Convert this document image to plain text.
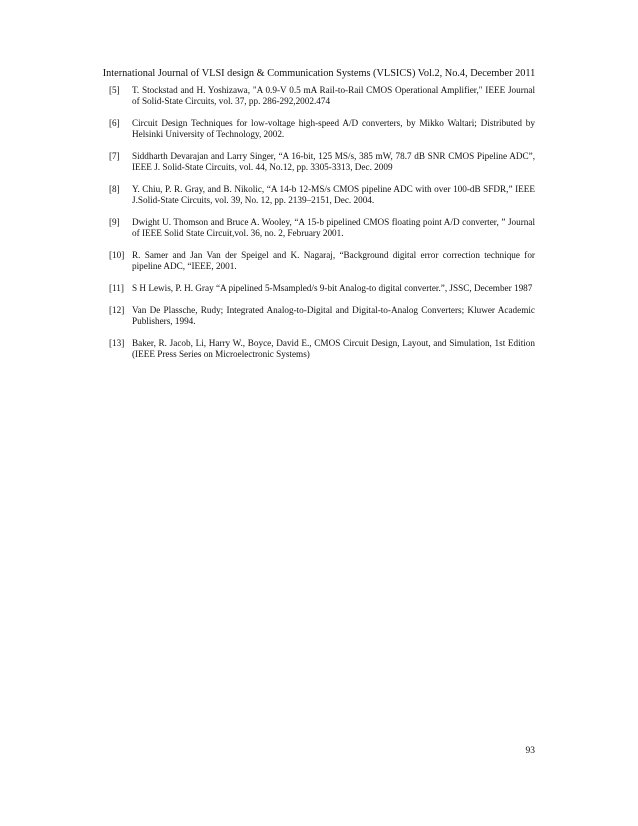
International Journal of VLSI design & Communication Systems (VLSICS) Vol.2, No.4, December 2011
[5]	T. Stockstad and H. Yoshizawa, "A 0.9-V 0.5 mA Rail-to-Rail CMOS Operational Amplifier," IEEE Journal of Solid-State Circuits, vol. 37, pp. 286-292,2002.474
[6]	Circuit Design Techniques for low-voltage high-speed A/D converters, by Mikko Waltari; Distributed by Helsinki University of Technology, 2002.
[7]	Siddharth Devarajan and Larry Singer, “A 16-bit, 125 MS/s, 385 mW, 78.7 dB SNR CMOS Pipeline ADC”, IEEE J. Solid-State Circuits, vol. 44, No.12, pp. 3305-3313, Dec. 2009
[8]	Y. Chiu, P. R. Gray, and B. Nikolic, “A 14-b 12-MS/s CMOS pipeline ADC with over 100-dB SFDR,” IEEE J.Solid-State Circuits, vol. 39, No. 12, pp. 2139–2151, Dec. 2004.
[9]	Dwight U. Thomson and Bruce A. Wooley, “A 15-b pipelined CMOS floating point A/D converter, ” Journal of IEEE Solid State Circuit,vol. 36, no. 2, February 2001.
[10] R. Samer and Jan Van der Speigel and K. Nagaraj, “Background digital error correction technique for pipeline ADC, “IEEE, 2001.
[11] S H Lewis, P. H. Gray “A pipelined 5-Msampled/s 9-bit Analog-to digital converter.”, JSSC, December 1987
[12] Van De Plassche, Rudy; Integrated Analog-to-Digital and Digital-to-Analog Converters; Kluwer Academic Publishers, 1994.
[13] Baker, R. Jacob, Li, Harry W., Boyce, David E., CMOS Circuit Design, Layout, and Simulation, 1st Edition (IEEE Press Series on Microelectronic Systems)
93
